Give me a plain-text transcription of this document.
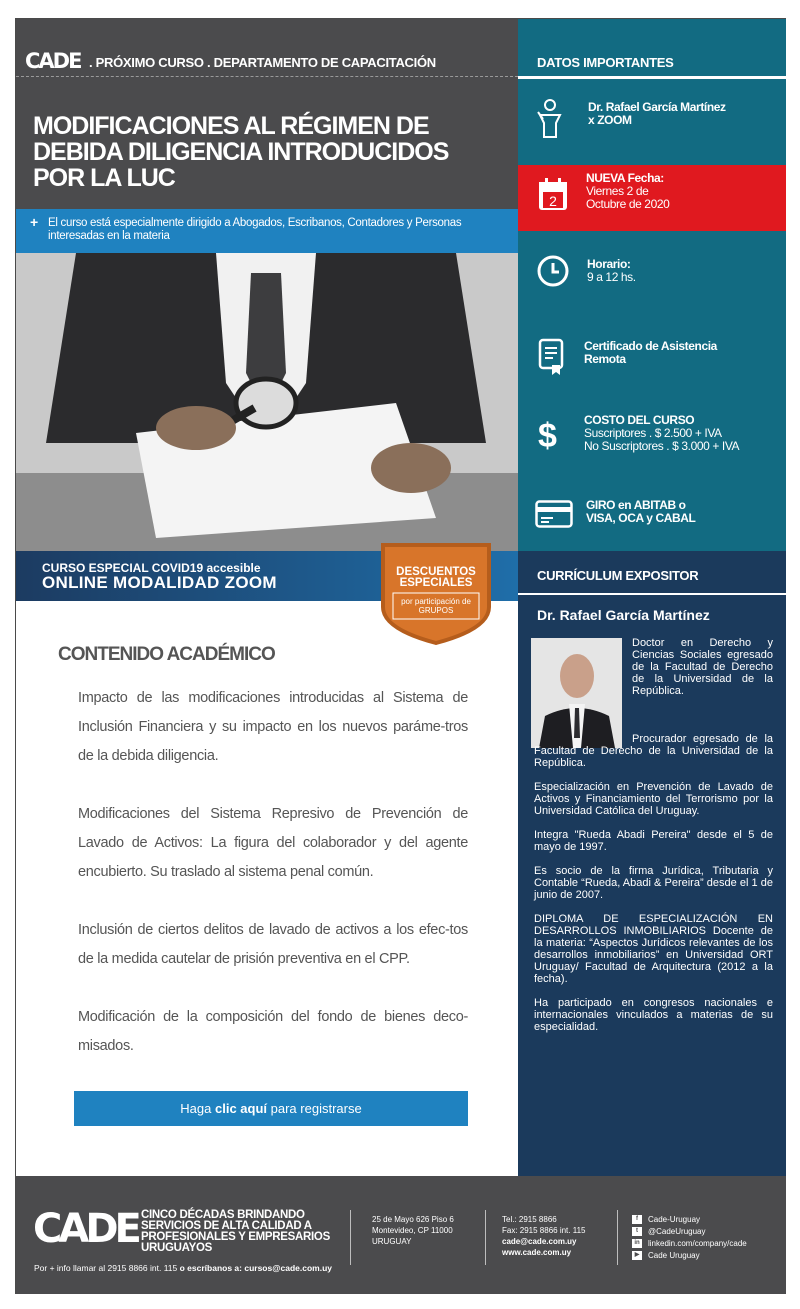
CADE . PRÓXIMO CURSO . DEPARTAMENTO DE CAPACITACIÓN
MODIFICACIONES AL RÉGIMEN DE DEBIDA DILIGENCIA INTRODUCIDOS POR LA LUC
+ El curso está especialmente dirigido a Abogados, Escribanos, Contadores y Personas interesadas en la materia
CURSO ESPECIAL COVID19 accesible
ONLINE MODALIDAD ZOOM
DESCUENTOS
ESPECIALES
por participación de GRUPOS
DATOS IMPORTANTES
Dr. Rafael García Martínez
x ZOOM
2
NUEVA Fecha:
Viernes 2 de
Octubre de 2020
Horario:
9 a 12 hs.
Certificado de Asistencia
Remota
$ COSTO DEL CURSO
Suscriptores . $ 2.500 + IVA
No Suscriptores . $ 3.000 + IVA
GIRO en ABITAB o
VISA, OCA y CABAL
CURRÍCULUM EXPOSITOR
Dr. Rafael García Martínez
Doctor en Derecho y Ciencias Sociales egresado de la Facultad de Derecho de la Universidad de la República.

Procurador egresado de la Facultad de Derecho de la Universidad de la República.

Especialización en Prevención de Lavado de Activos y Financiamiento del Terrorismo por la Universidad Católica del Uruguay.

Integra "Rueda Abadi Pereira" desde el 5 de mayo de 1997.

Es socio de la firma Jurídica, Tributaria y Contable “Rueda, Abadi & Pereira” desde el 1 de junio de 2007.

DIPLOMA DE ESPECIALIZACIÓN EN DESARROLLOS INMOBILIARIOS Docente de la materia: “Aspectos Jurídicos relevantes de los desarrollos inmobiliarios” en Universidad ORT Uruguay/ Facultad de Arquitectura (2012 a la fecha).

Ha participado en congresos nacionales e internacionales vinculados a materias de su especialidad.

CONTENIDO ACADÉMICO
Impacto de las modificaciones introducidas al Sistema de Inclusión Financiera y su impacto en los nuevos paráme-tros de la debida diligencia.
Modificaciones del Sistema Represivo de Prevención de Lavado de Activos: La figura del colaborador y del agente encubierto. Su traslado al sistema penal común.
Inclusión de ciertos delitos de lavado de activos a los efec-tos de la medida cautelar de prisión preventiva en el CPP.
Modificación de la composición del fondo de bienes deco-misados.
Haga clic aquí para registrarse
CADE CINCO DÉCADAS BRINDANDO SERVICIOS DE ALTA CALIDAD A PROFESIONALES Y EMPRESARIOS URUGUAYOS
Por + info llamar al 2915 8866 int. 115 o escríbanos a: cursos@cade.com.uy
25 de Mayo 626 Piso 6
Montevideo, CP 11000
URUGUAY
Tel.: 2915 8866
Fax: 2915 8866 int. 115
cade@cade.com.uy
www.cade.com.uy
f	Cade-Uruguay
t	@CadeUruguay
in linkedin.com/company/cade
▶	Cade Uruguay
